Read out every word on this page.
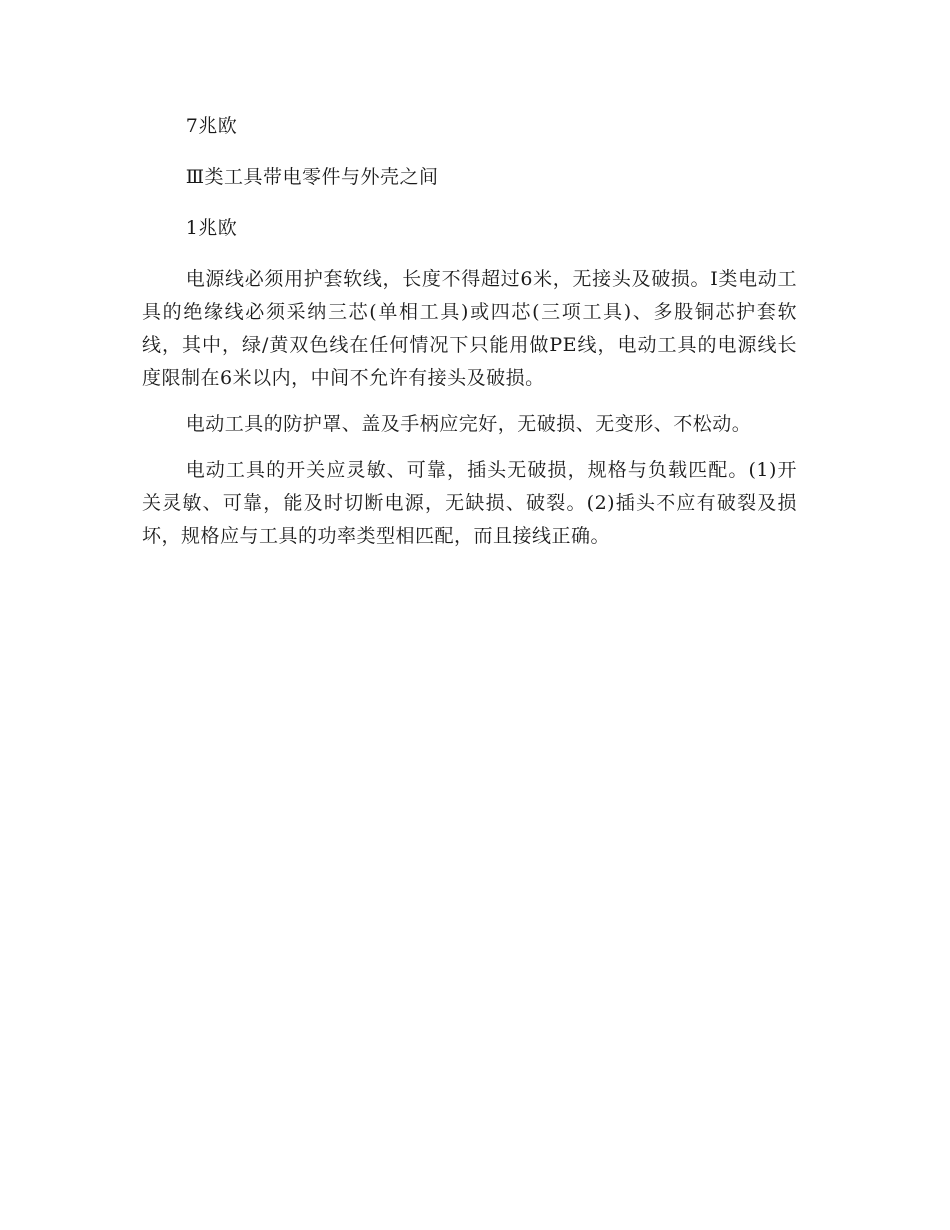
7兆欧

Ⅲ类工具带电零件与外壳之间

1兆欧

电源线必须用护套软线，长度不得超过6米，无接头及破损。Ⅰ类电动工具的绝缘线必须采纳三芯(单相工具)或四芯(三项工具)、多股铜芯护套软线，其中，绿/黄双色线在任何情况下只能用做PE线，电动工具的电源线长度限制在6米以内，中间不允许有接头及破损。

电动工具的防护罩、盖及手柄应完好，无破损、无变形、不松动。

电动工具的开关应灵敏、可靠，插头无破损，规格与负载匹配。(1)开关灵敏、可靠，能及时切断电源，无缺损、破裂。(2)插头不应有破裂及损坏，规格应与工具的功率类型相匹配，而且接线正确。
